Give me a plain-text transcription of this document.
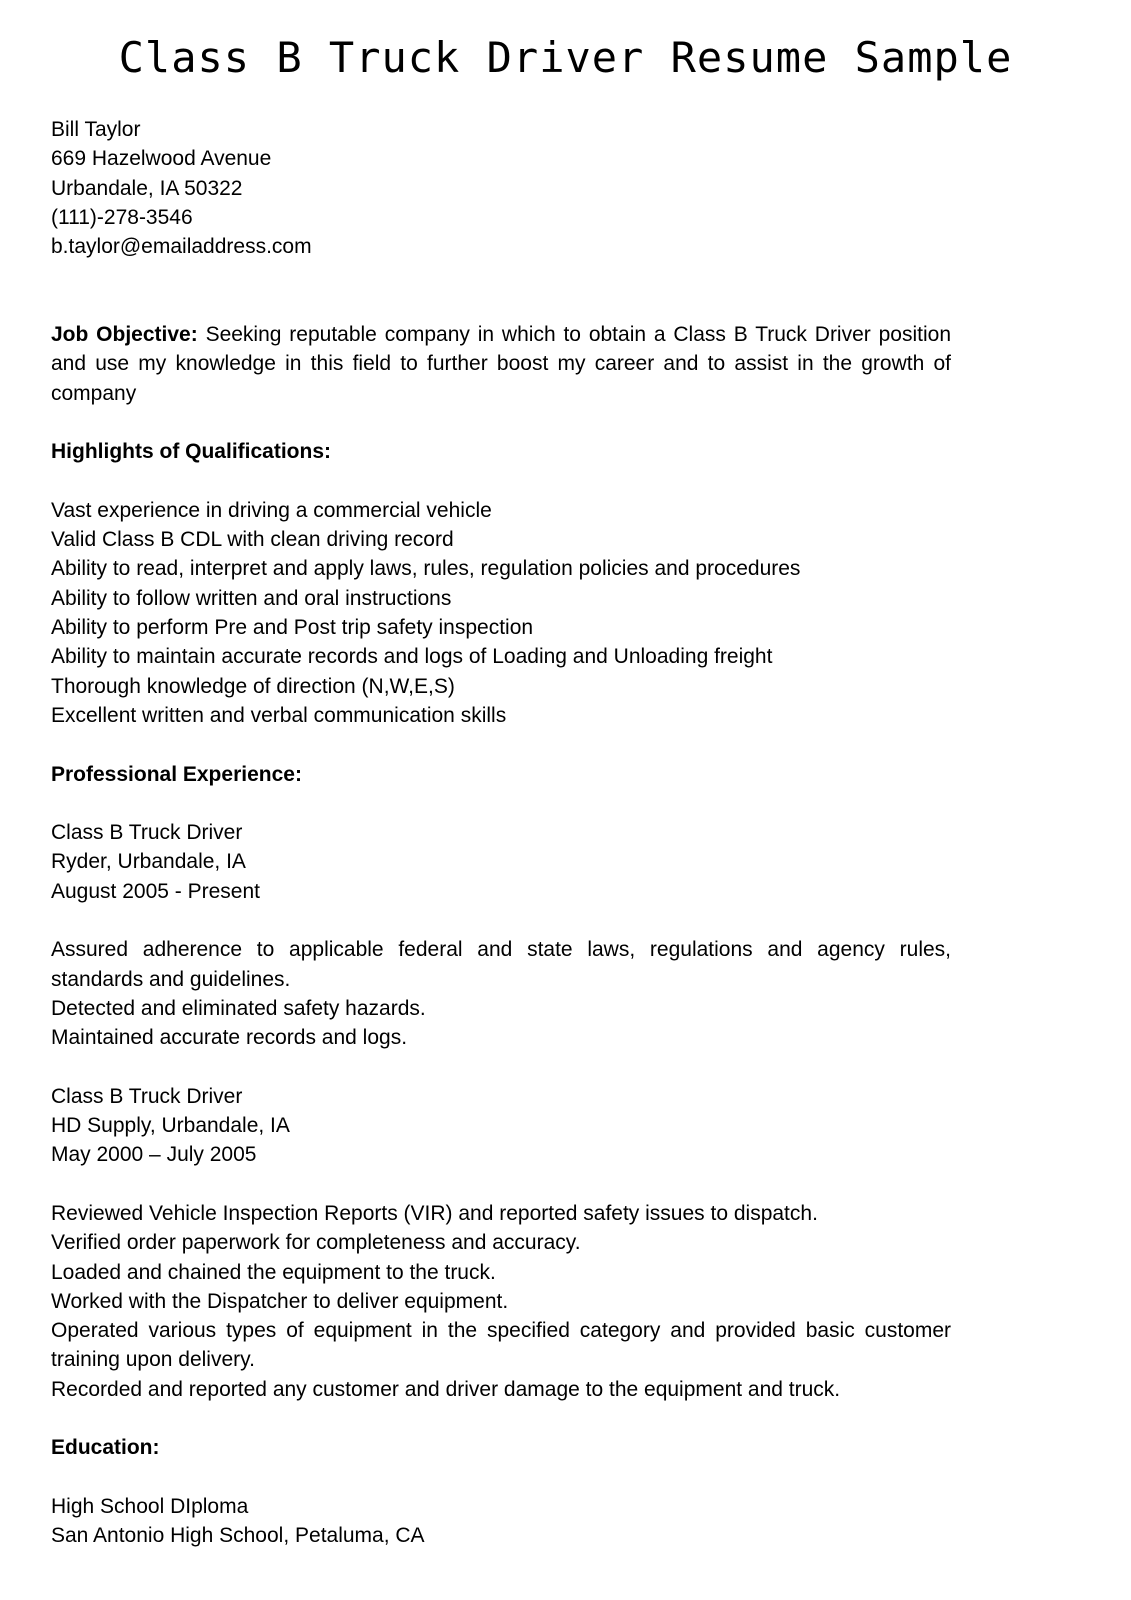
Class B Truck Driver Resume Sample
Bill Taylor
669 Hazelwood Avenue
Urbandale, IA 50322
(111)-278-3546
b.taylor@emailaddress.com
Job Objective: Seeking reputable company in which to obtain a Class B Truck Driver position and use my knowledge in this field to further boost my career and to assist in the growth of company
Highlights of Qualifications:
Vast experience in driving a commercial vehicle
Valid Class B CDL with clean driving record
Ability to read, interpret and apply laws, rules, regulation policies and procedures
Ability to follow written and oral instructions
Ability to perform Pre and Post trip safety inspection
Ability to maintain accurate records and logs of Loading and Unloading freight
Thorough knowledge of direction (N,W,E,S)
Excellent written and verbal communication skills
Professional Experience:
Class B Truck Driver
Ryder, Urbandale, IA
August 2005 - Present
Assured adherence to applicable federal and state laws, regulations and agency rules, standards and guidelines.
Detected and eliminated safety hazards.
Maintained accurate records and logs.
Class B Truck Driver
HD Supply, Urbandale, IA
May 2000 – July 2005
Reviewed Vehicle Inspection Reports (VIR) and reported safety issues to dispatch.
Verified order paperwork for completeness and accuracy.
Loaded and chained the equipment to the truck.
Worked with the Dispatcher to deliver equipment.
Operated various types of equipment in the specified category and provided basic customer training upon delivery.
Recorded and reported any customer and driver damage to the equipment and truck.
Education:
High School DIploma
San Antonio High School, Petaluma, CA
